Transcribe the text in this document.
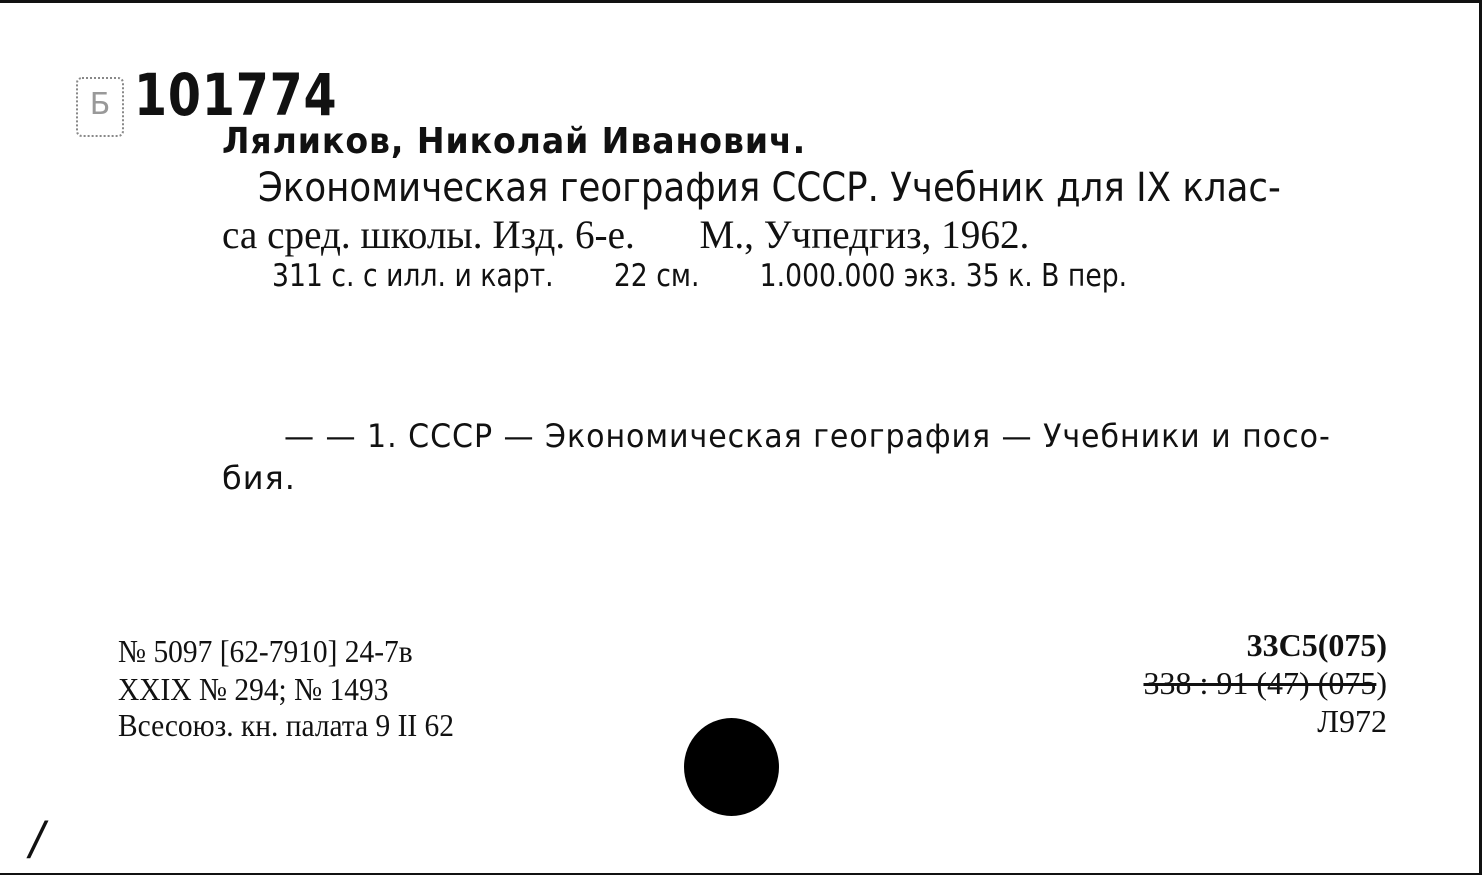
Б 101774
Ляликов, Николай Иванович.
Экономическая география СССР. Учебник для IX клас-
са сред. школы. Изд. 6-е. М., Учпедгиз, 1962.
311 с. с илл. и карт. 22 см. 1.000.000 экз. 35 к. В пер.
— — 1. СССР — Экономическая география — Учебники и посо-
бия.
№ 5097 [62-7910] 24-7в
XXIX № 294; № 1493
Всесоюз. кн. палата 9 II 62
33С5(075)
338 : 91 (47) (075)
Л972
/
